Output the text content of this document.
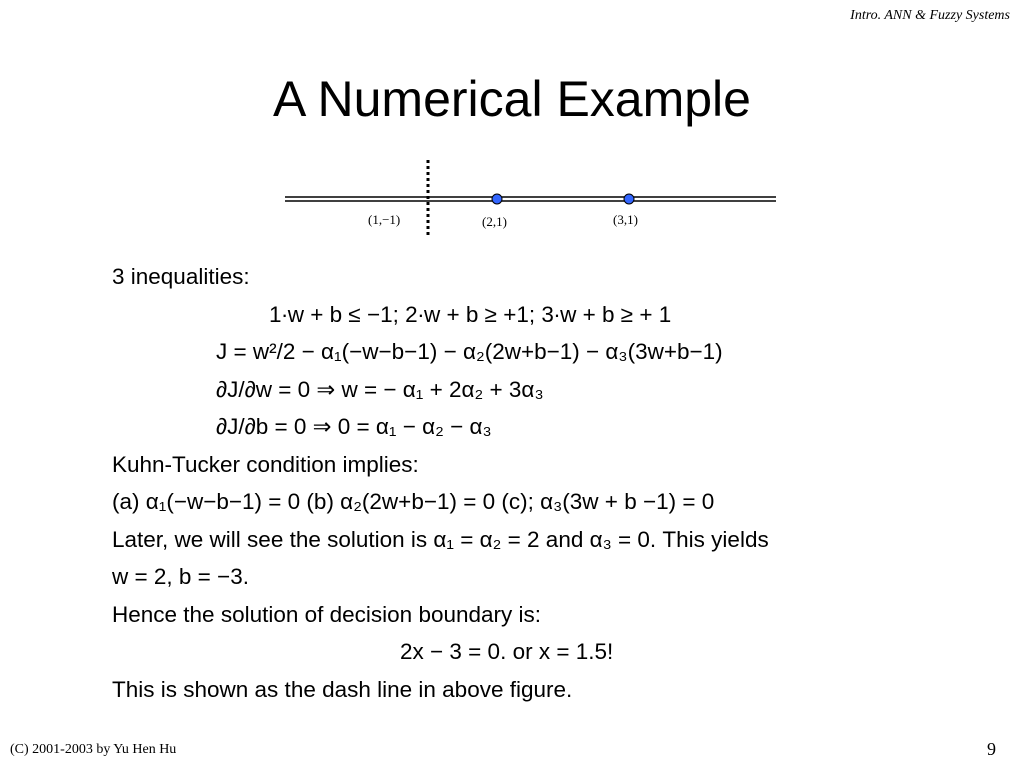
Intro. ANN & Fuzzy Systems
A Numerical Example
(1,−1)	(2,1)	(3,1)
3 inequalities:
1∙w + b ≤ −1; 2∙w + b ≥ +1; 3∙w + b ≥ + 1
J = w²/2 − α₁(−w−b−1) − α₂(2w+b−1) − α₃(3w+b−1)
∂J/∂w = 0 ⇒ w = − α₁ + 2α₂ + 3α₃
∂J/∂b = 0 ⇒ 0 = α₁ − α₂ − α₃
Kuhn-Tucker condition implies:
(a) α₁(−w−b−1) = 0 (b) α₂(2w+b−1) = 0 (c); α₃(3w + b −1) = 0
Later, we will see the solution is α₁ = α₂ = 2 and α₃ = 0. This yields
w = 2, b = −3.
Hence the solution of decision boundary is:
2x − 3 = 0. or x = 1.5!
This is shown as the dash line in above figure.
(C) 2001-2003 by Yu Hen Hu	9
